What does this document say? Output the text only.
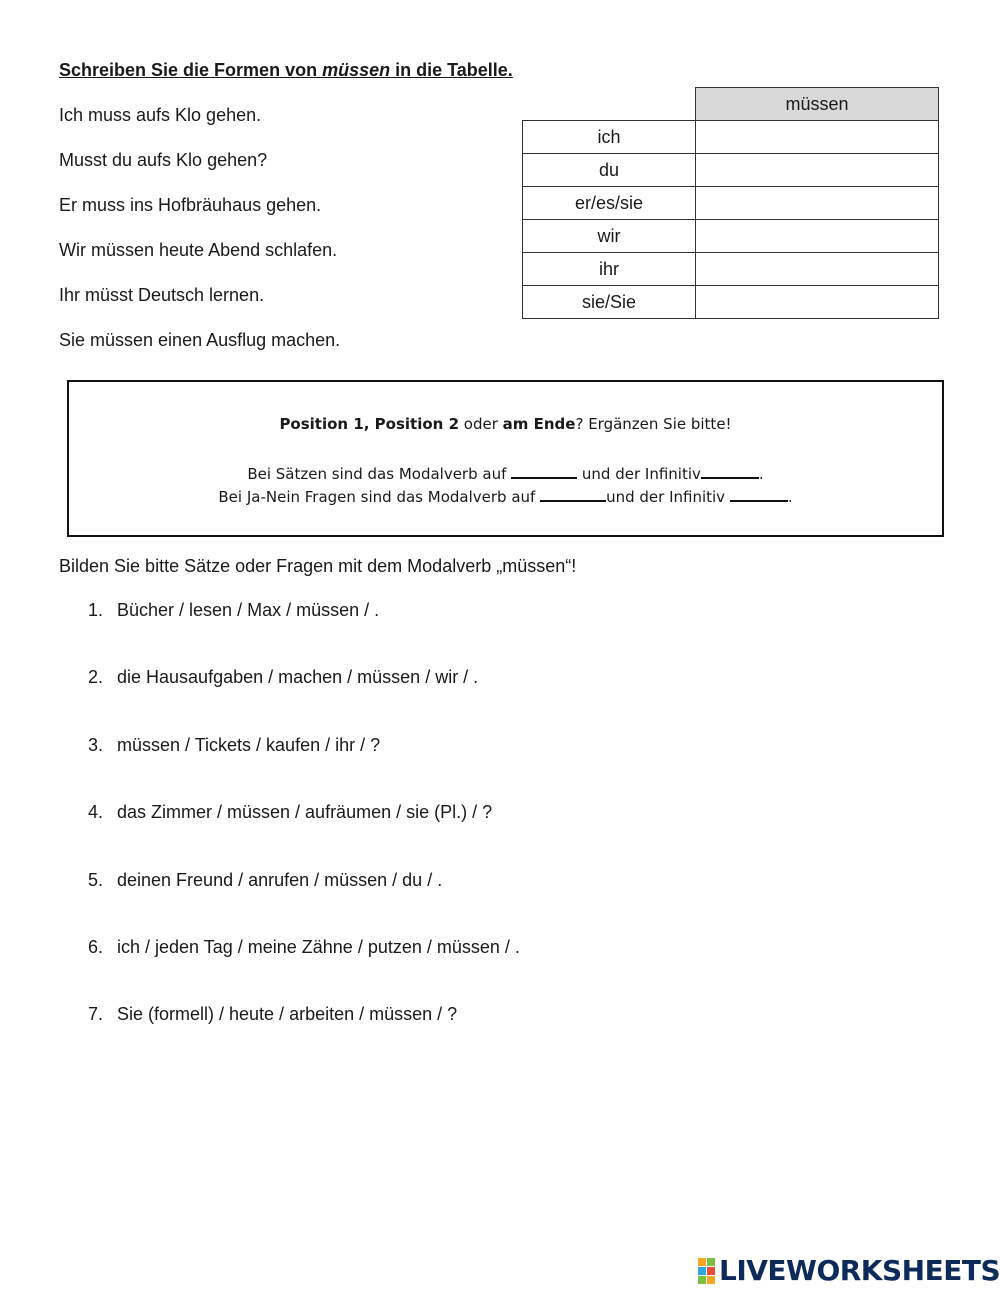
Schreiben Sie die Formen von müssen in die Tabelle.
Ich muss aufs Klo gehen.
Musst du aufs Klo gehen?
Er muss ins Hofbräuhaus gehen.
Wir müssen heute Abend schlafen.
Ihr müsst Deutsch lernen.
Sie müssen einen Ausflug machen.
	müssen
ich	
du	
er/es/sie	
wir	
ihr	
sie/Sie	
Position 1, Position 2 oder am Ende? Ergänzen Sie bitte!
Bei Sätzen sind das Modalverb auf	und der Infinitiv	.
Bei Ja-Nein Fragen sind das Modalverb auf	und der Infinitiv	.
Bilden Sie bitte Sätze oder Fragen mit dem Modalverb „müssen“!
1. Bücher / lesen / Max / müssen / .
2. die Hausaufgaben / machen / müssen / wir / .
3. müssen / Tickets / kaufen / ihr / ?
4. das Zimmer / müssen / aufräumen / sie (Pl.) / ?
5. deinen Freund / anrufen / müssen / du / .
6. ich / jeden Tag / meine Zähne / putzen / müssen / .
7. Sie (formell) / heute / arbeiten / müssen / ?
LIVEWORKSHEETS
